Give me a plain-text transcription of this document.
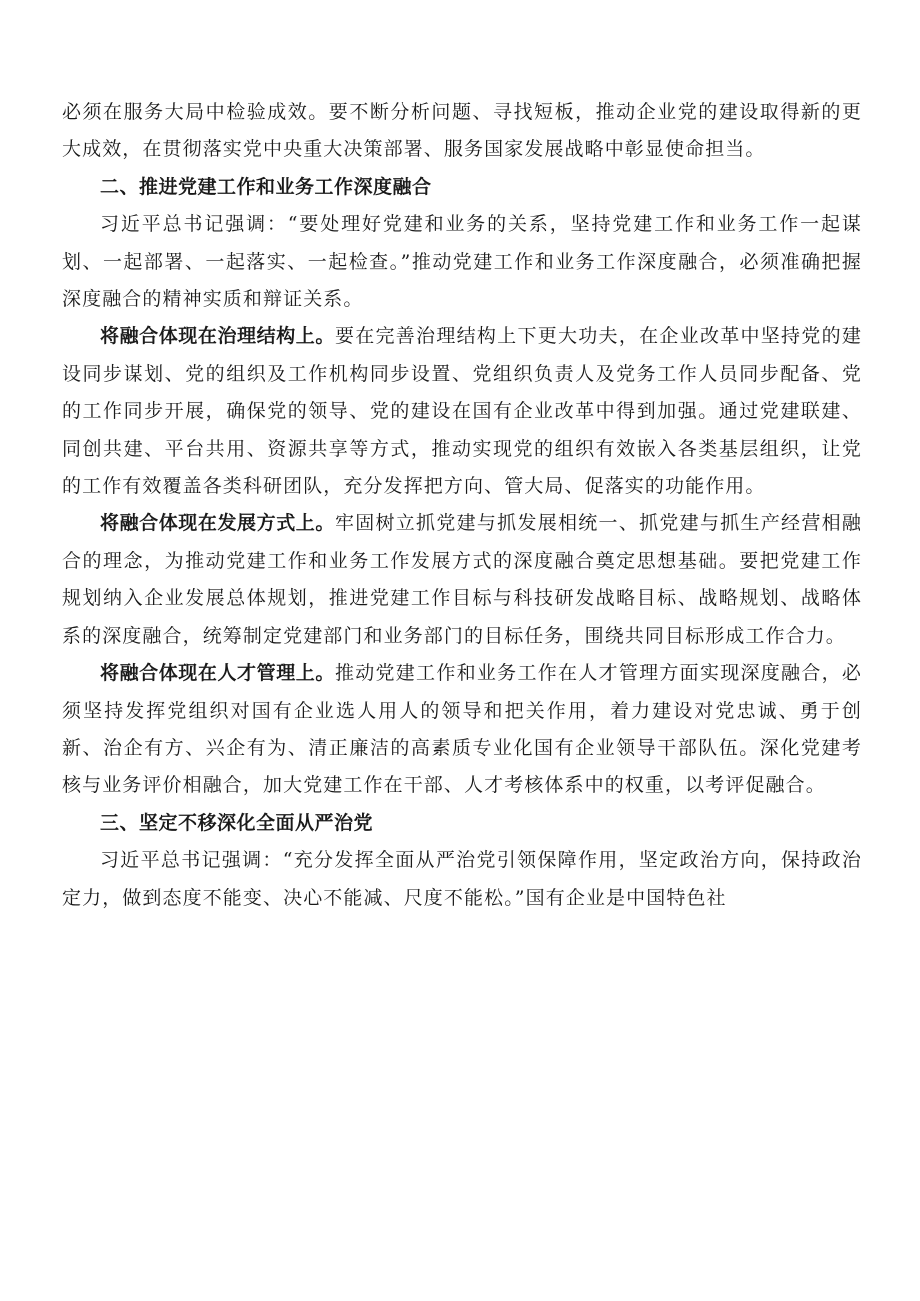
必须在服务大局中检验成效。要不断分析问题、寻找短板，推动企业党的建设取得新的更大成效，在贯彻落实党中央重大决策部署、服务国家发展战略中彰显使命担当。

二、推进党建工作和业务工作深度融合

习近平总书记强调：“要处理好党建和业务的关系，坚持党建工作和业务工作一起谋划、一起部署、一起落实、一起检查。”推动党建工作和业务工作深度融合，必须准确把握深度融合的精神实质和辩证关系。

将融合体现在治理结构上。要在完善治理结构上下更大功夫，在企业改革中坚持党的建设同步谋划、党的组织及工作机构同步设置、党组织负责人及党务工作人员同步配备、党的工作同步开展，确保党的领导、党的建设在国有企业改革中得到加强。通过党建联建、同创共建、平台共用、资源共享等方式，推动实现党的组织有效嵌入各类基层组织，让党的工作有效覆盖各类科研团队，充分发挥把方向、管大局、促落实的功能作用。

将融合体现在发展方式上。牢固树立抓党建与抓发展相统一、抓党建与抓生产经营相融合的理念，为推动党建工作和业务工作发展方式的深度融合奠定思想基础。要把党建工作规划纳入企业发展总体规划，推进党建工作目标与科技研发战略目标、战略规划、战略体系的深度融合，统筹制定党建部门和业务部门的目标任务，围绕共同目标形成工作合力。

将融合体现在人才管理上。推动党建工作和业务工作在人才管理方面实现深度融合，必须坚持发挥党组织对国有企业选人用人的领导和把关作用，着力建设对党忠诚、勇于创新、治企有方、兴企有为、清正廉洁的高素质专业化国有企业领导干部队伍。深化党建考核与业务评价相融合，加大党建工作在干部、人才考核体系中的权重，以考评促融合。

三、坚定不移深化全面从严治党

习近平总书记强调：“充分发挥全面从严治党引领保障作用，坚定政治方向，保持政治定力，做到态度不能变、决心不能减、尺度不能松。”国有企业是中国特色社
